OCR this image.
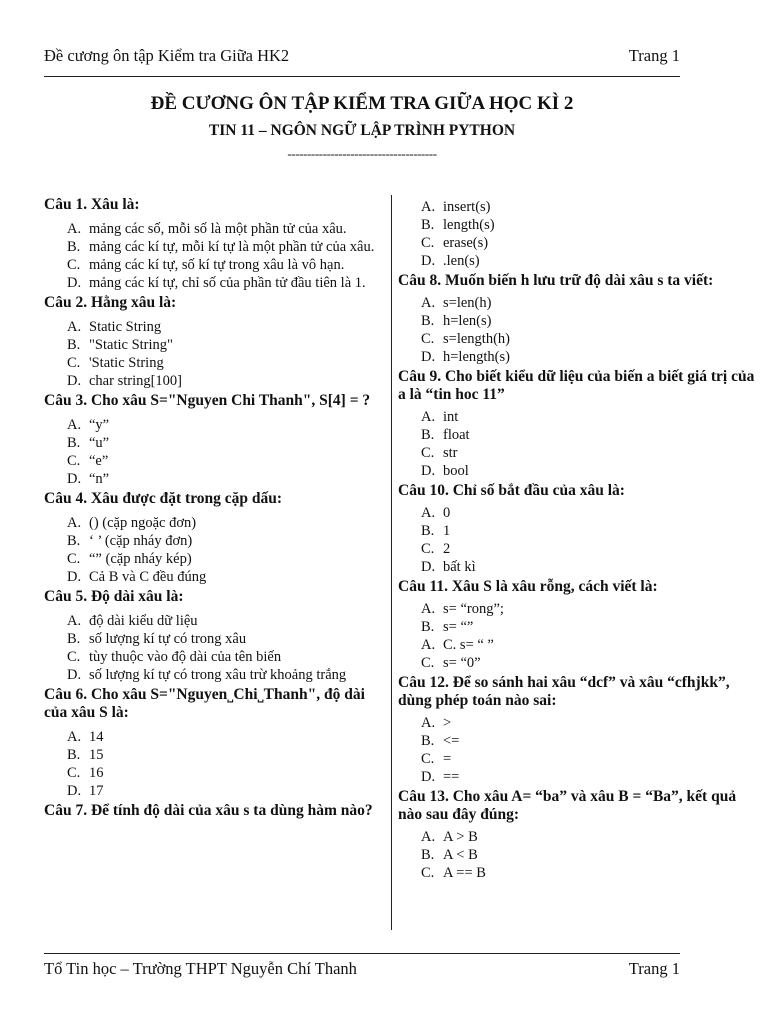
Đề cương ôn tập Kiểm tra Giữa HK2	Trang 1
ĐỀ CƯƠNG ÔN TẬP KIỂM TRA GIỮA HỌC KÌ 2
TIN 11 – NGÔN NGỮ LẬP TRÌNH PYTHON
--------------------------------------
Câu 1. Xâu là:
A. mảng các số, mỗi số là một phần tử của xâu.
B. mảng các kí tự, mỗi kí tự là một phần tử của xâu.
C. mảng các kí tự, số kí tự trong xâu là vô hạn.
D. mảng các kí tự, chỉ số của phần tử đầu tiên là 1.
Câu 2. Hằng xâu là:
A. Static String
B. "Static String"
C. 'Static String
D. char string[100]
Câu 3. Cho xâu S="Nguyen Chi Thanh", S[4] = ?
A. “y”
B. “u”
C. “e”
D. “n”
Câu 4. Xâu được đặt trong cặp dấu:
A. () (cặp ngoặc đơn)
B. ‘ ’ (cặp nháy đơn)
C. “” (cặp nháy kép)
D. Cả B và C đều đúng
Câu 5. Độ dài xâu là:
A. độ dài kiểu dữ liệu
B. số lượng kí tự có trong xâu
C. tùy thuộc vào độ dài của tên biến
D. số lượng kí tự có trong xâu trừ khoảng trắng
Câu 6. Cho xâu S="Nguyen˽Chi˽Thanh", độ dài của xâu S là:
A. 14
B. 15
C. 16
D. 17
Câu 7. Để tính độ dài của xâu s ta dùng hàm nào?
A. insert(s)
B. length(s)
C. erase(s)
D. .len(s)
Câu 8. Muốn biến h lưu trữ độ dài xâu s ta viết:
A. s=len(h)
B. h=len(s)
C. s=length(h)
D. h=length(s)
Câu 9. Cho biết kiểu dữ liệu của biến a biết giá trị của a là “tin hoc 11”
A. int
B. float
C. str
D. bool
Câu 10. Chỉ số bắt đầu của xâu là:
A. 0
B. 1
C. 2
D. bất kì
Câu 11. Xâu S là xâu rỗng, cách viết là:
A. s= “rong”;
B. s= “”
A. C. s= “ ”
C. s= “0”
Câu 12. Để so sánh hai xâu “dcf” và xâu “cfhjkk”, dùng phép toán nào sai:
A. >
B. <=
C. =
D. ==
Câu 13. Cho xâu A= “ba” và xâu B = “Ba”, kết quả nào sau đây đúng:
A. A > B
B. A < B
C. A == B
Tổ Tin học – Trường THPT Nguyễn Chí Thanh	Trang 1
